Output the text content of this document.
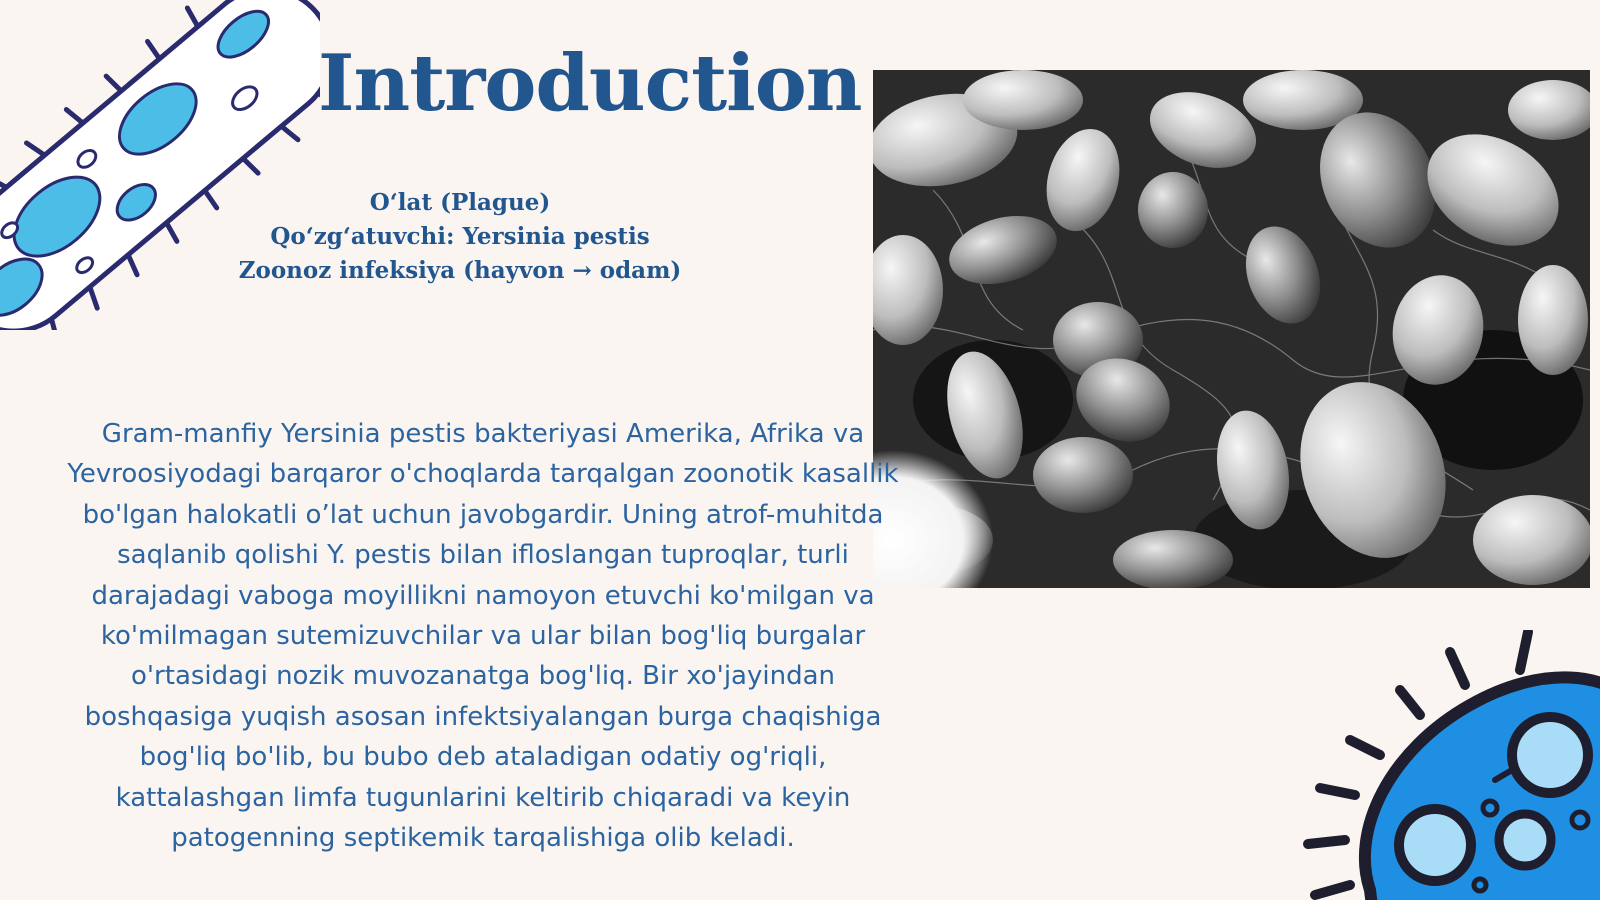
Introduction
O‘lat (Plague)
Qo‘zg‘atuvchi: Yersinia pestis
Zoonoz infeksiya (hayvon → odam)

Gram-manfiy Yersinia pestis bakteriyasi Amerika, Afrika va Yevroosiyodagi barqaror o'choqlarda tarqalgan zoonotik kasallik bo'lgan halokatli o’lat uchun javobgardir. Uning atrof-muhitda saqlanib qolishi Y. pestis bilan ifloslangan tuproqlar, turli darajadagi vaboga moyillikni namoyon etuvchi ko'milgan va ko'milmagan sutemizuvchilar va ular bilan bog'liq burgalar o'rtasidagi nozik muvozanatga bog'liq. Bir xo'jayindan boshqasiga yuqish asosan infektsiyalangan burga chaqishiga bog'liq bo'lib, bu bubo deb ataladigan odatiy og'riqli, kattalashgan limfa tugunlarini keltirib chiqaradi va keyin patogenning septikemik tarqalishiga olib keladi.
